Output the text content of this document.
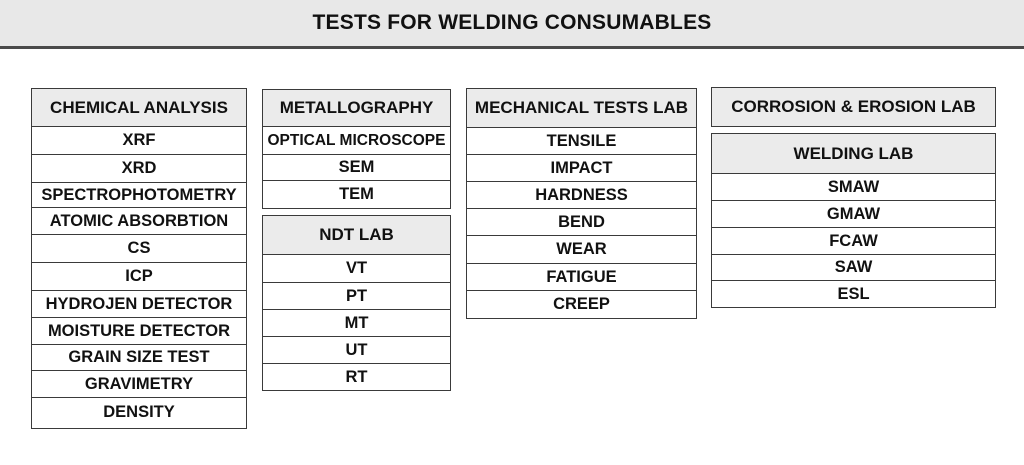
TESTS FOR WELDING CONSUMABLES
CHEMICAL ANALYSIS
XRF
XRD
SPECTROPHOTOMETRY
ATOMIC ABSORBTION
CS
ICP
HYDROJEN DETECTOR
MOISTURE DETECTOR
GRAIN SIZE TEST
GRAVIMETRY
DENSITY
METALLOGRAPHY
OPTICAL MICROSCOPE
SEM
TEM
NDT LAB
VT
PT
MT
UT
RT
MECHANICAL TESTS LAB
TENSILE
IMPACT
HARDNESS
BEND
WEAR
FATIGUE
CREEP
CORROSION & EROSION LAB
WELDING LAB
SMAW
GMAW
FCAW
SAW
ESL
